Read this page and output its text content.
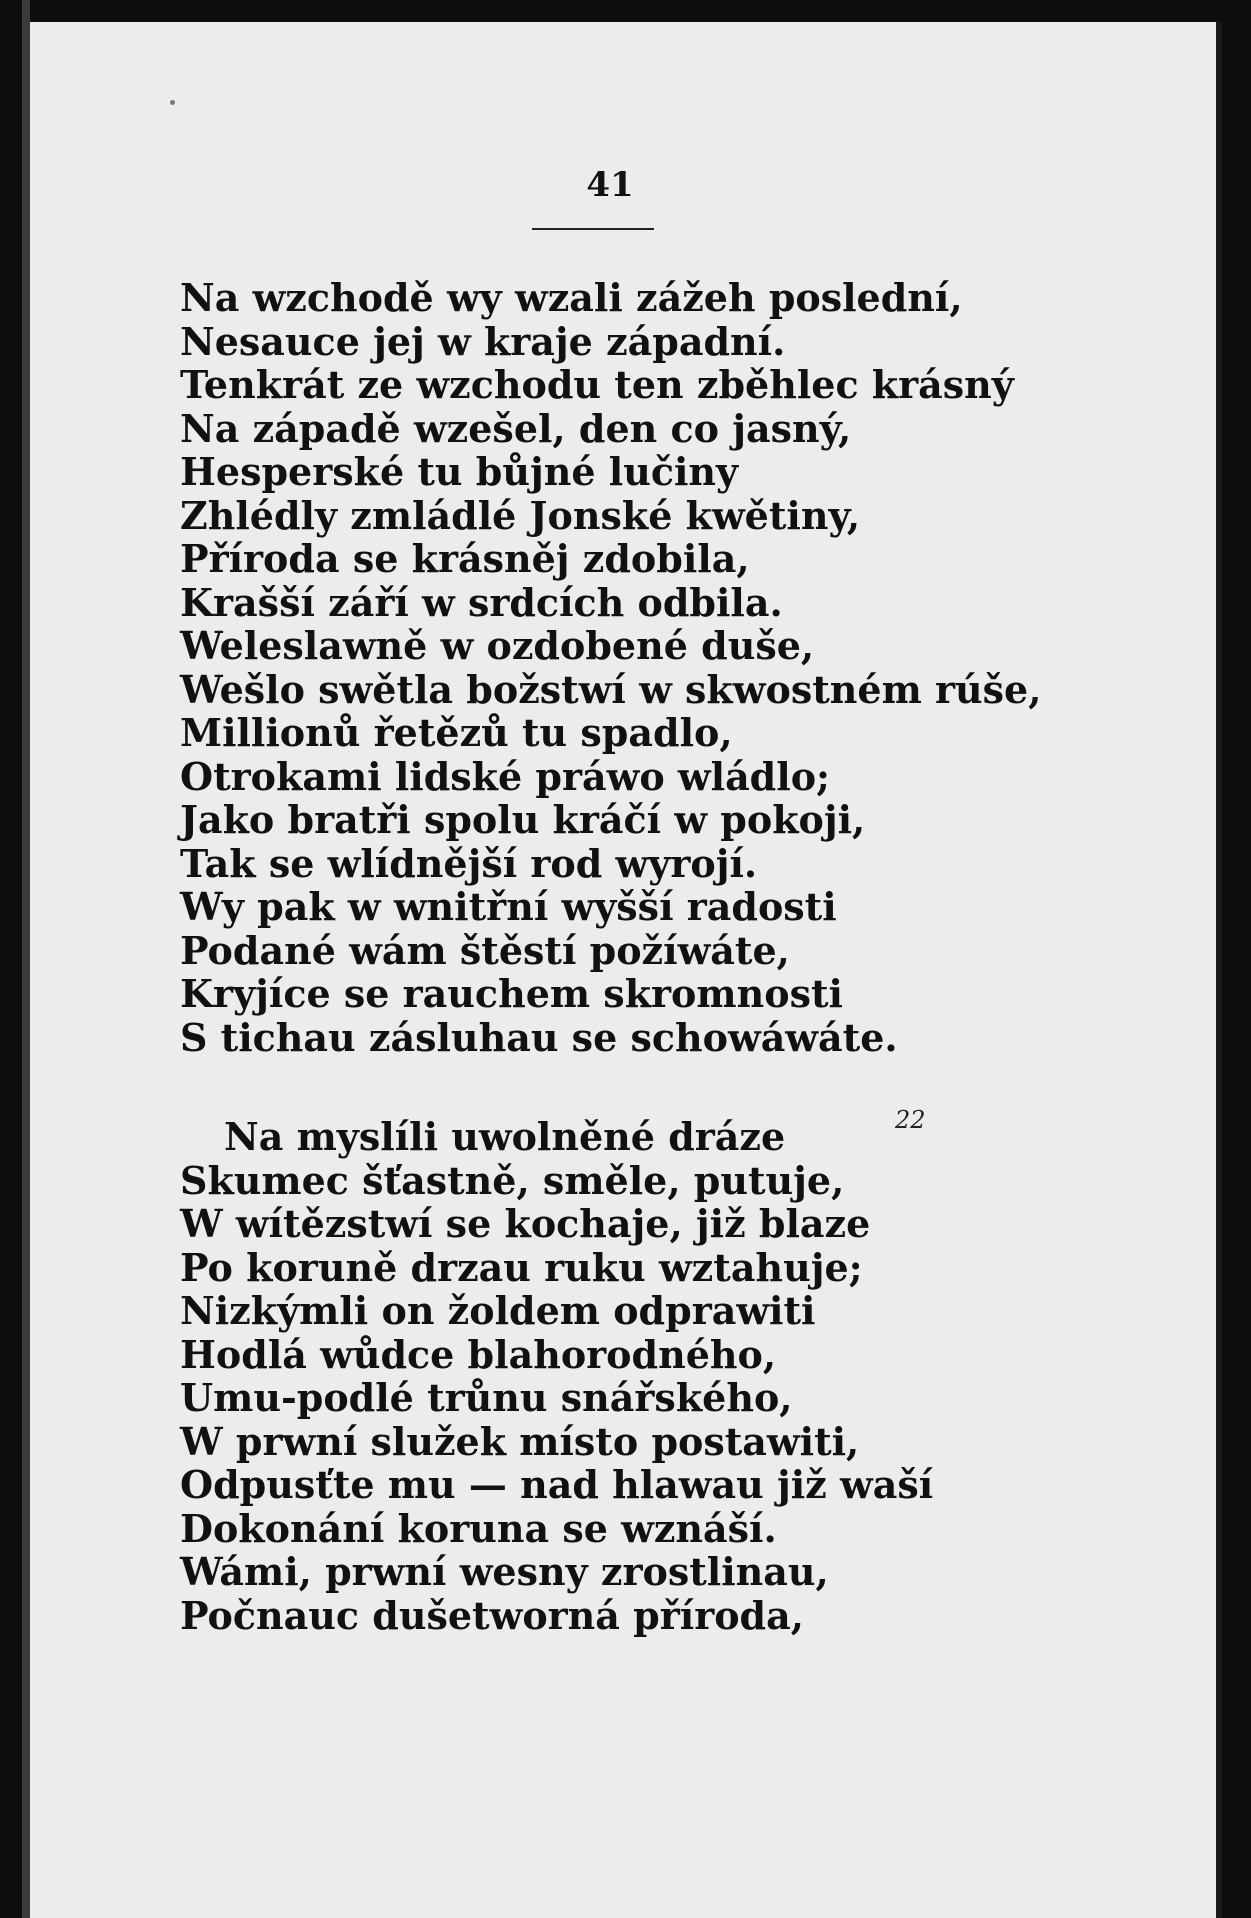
41
Na wzchodě wy wzali zážeh poslední,
Nesauce jej w kraje západní.
Tenkrát ze wzchodu ten zběhlec krásný
Na západě wzešel, den co jasný,
Hesperské tu bůjné lučiny
Zhlédly zmládlé Jonské kwětiny,
Příroda se krásněj zdobila,
Krašší září w srdcích odbila.
Weleslawně w ozdobené duše,
Wešlo swětla božstwí w skwostném rúše,
Millionů řetězů tu spadlo,
Otrokami lidské práwo wládlo;
Jako bratři spolu kráčí w pokoji,
Tak se wlídnější rod wyrojí.
Wy pak w wnitřní wyšší radosti
Podané wám štěstí požíwáte,
Kryjíce se rauchem skromnosti
S tichau zásluhau se schowáwáte.
22
Na myslíli uwolněné dráze
Skumec šťastně, směle, putuje,
W wítězstwí se kochaje, již blaze
Po koruně drzau ruku wztahuje;
Nizkýmli on žoldem odprawiti
Hodlá wůdce blahorodného,
Umu-podlé trůnu snářského,
W prwní služek místo postawiti,
Odpusťte mu — nad hlawau již waší
Dokonání koruna se wznáší.
Wámi, prwní wesny zrostlinau,
Počnauc dušetworná příroda,
